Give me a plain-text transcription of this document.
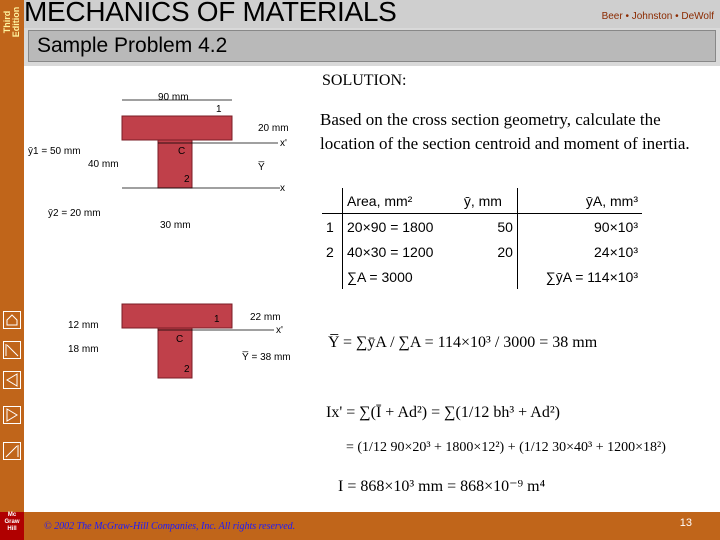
Third Edition
Mc
Graw
Hill
MECHANICS OF MATERIALS	Beer • Johnston • DeWolf
Sample Problem 4.2
90 mm
1
20 mm
x'
ȳ1 = 50 mm
40 mm
C
Y̅
2
x
ȳ2 = 20 mm
30 mm
1	22 mm
12 mm	x'
C
18 mm
Y̅ = 38 mm
2
SOLUTION:
Based on the cross section geometry, calculate the location of the section centroid and moment of inertia.
	Area, mm²	ȳ, mm	ȳA, mm³
1	20×90 = 1800	50	90×10³
2	40×30 = 1200	20	24×10³
	∑A = 3000		∑ȳA = 114×10³
Y̅ = ∑ȳA / ∑A = 114×10³ / 3000 = 38 mm
Ix' = ∑(Ī + Ad²) = ∑(1/12 bh³ + Ad²)
= (1/12 90×20³ + 1800×12²) + (1/12 30×40³ + 1200×18²)
I = 868×10³ mm = 868×10⁻⁹ m⁴
© 2002 The McGraw-Hill Companies, Inc. All rights reserved.	13
